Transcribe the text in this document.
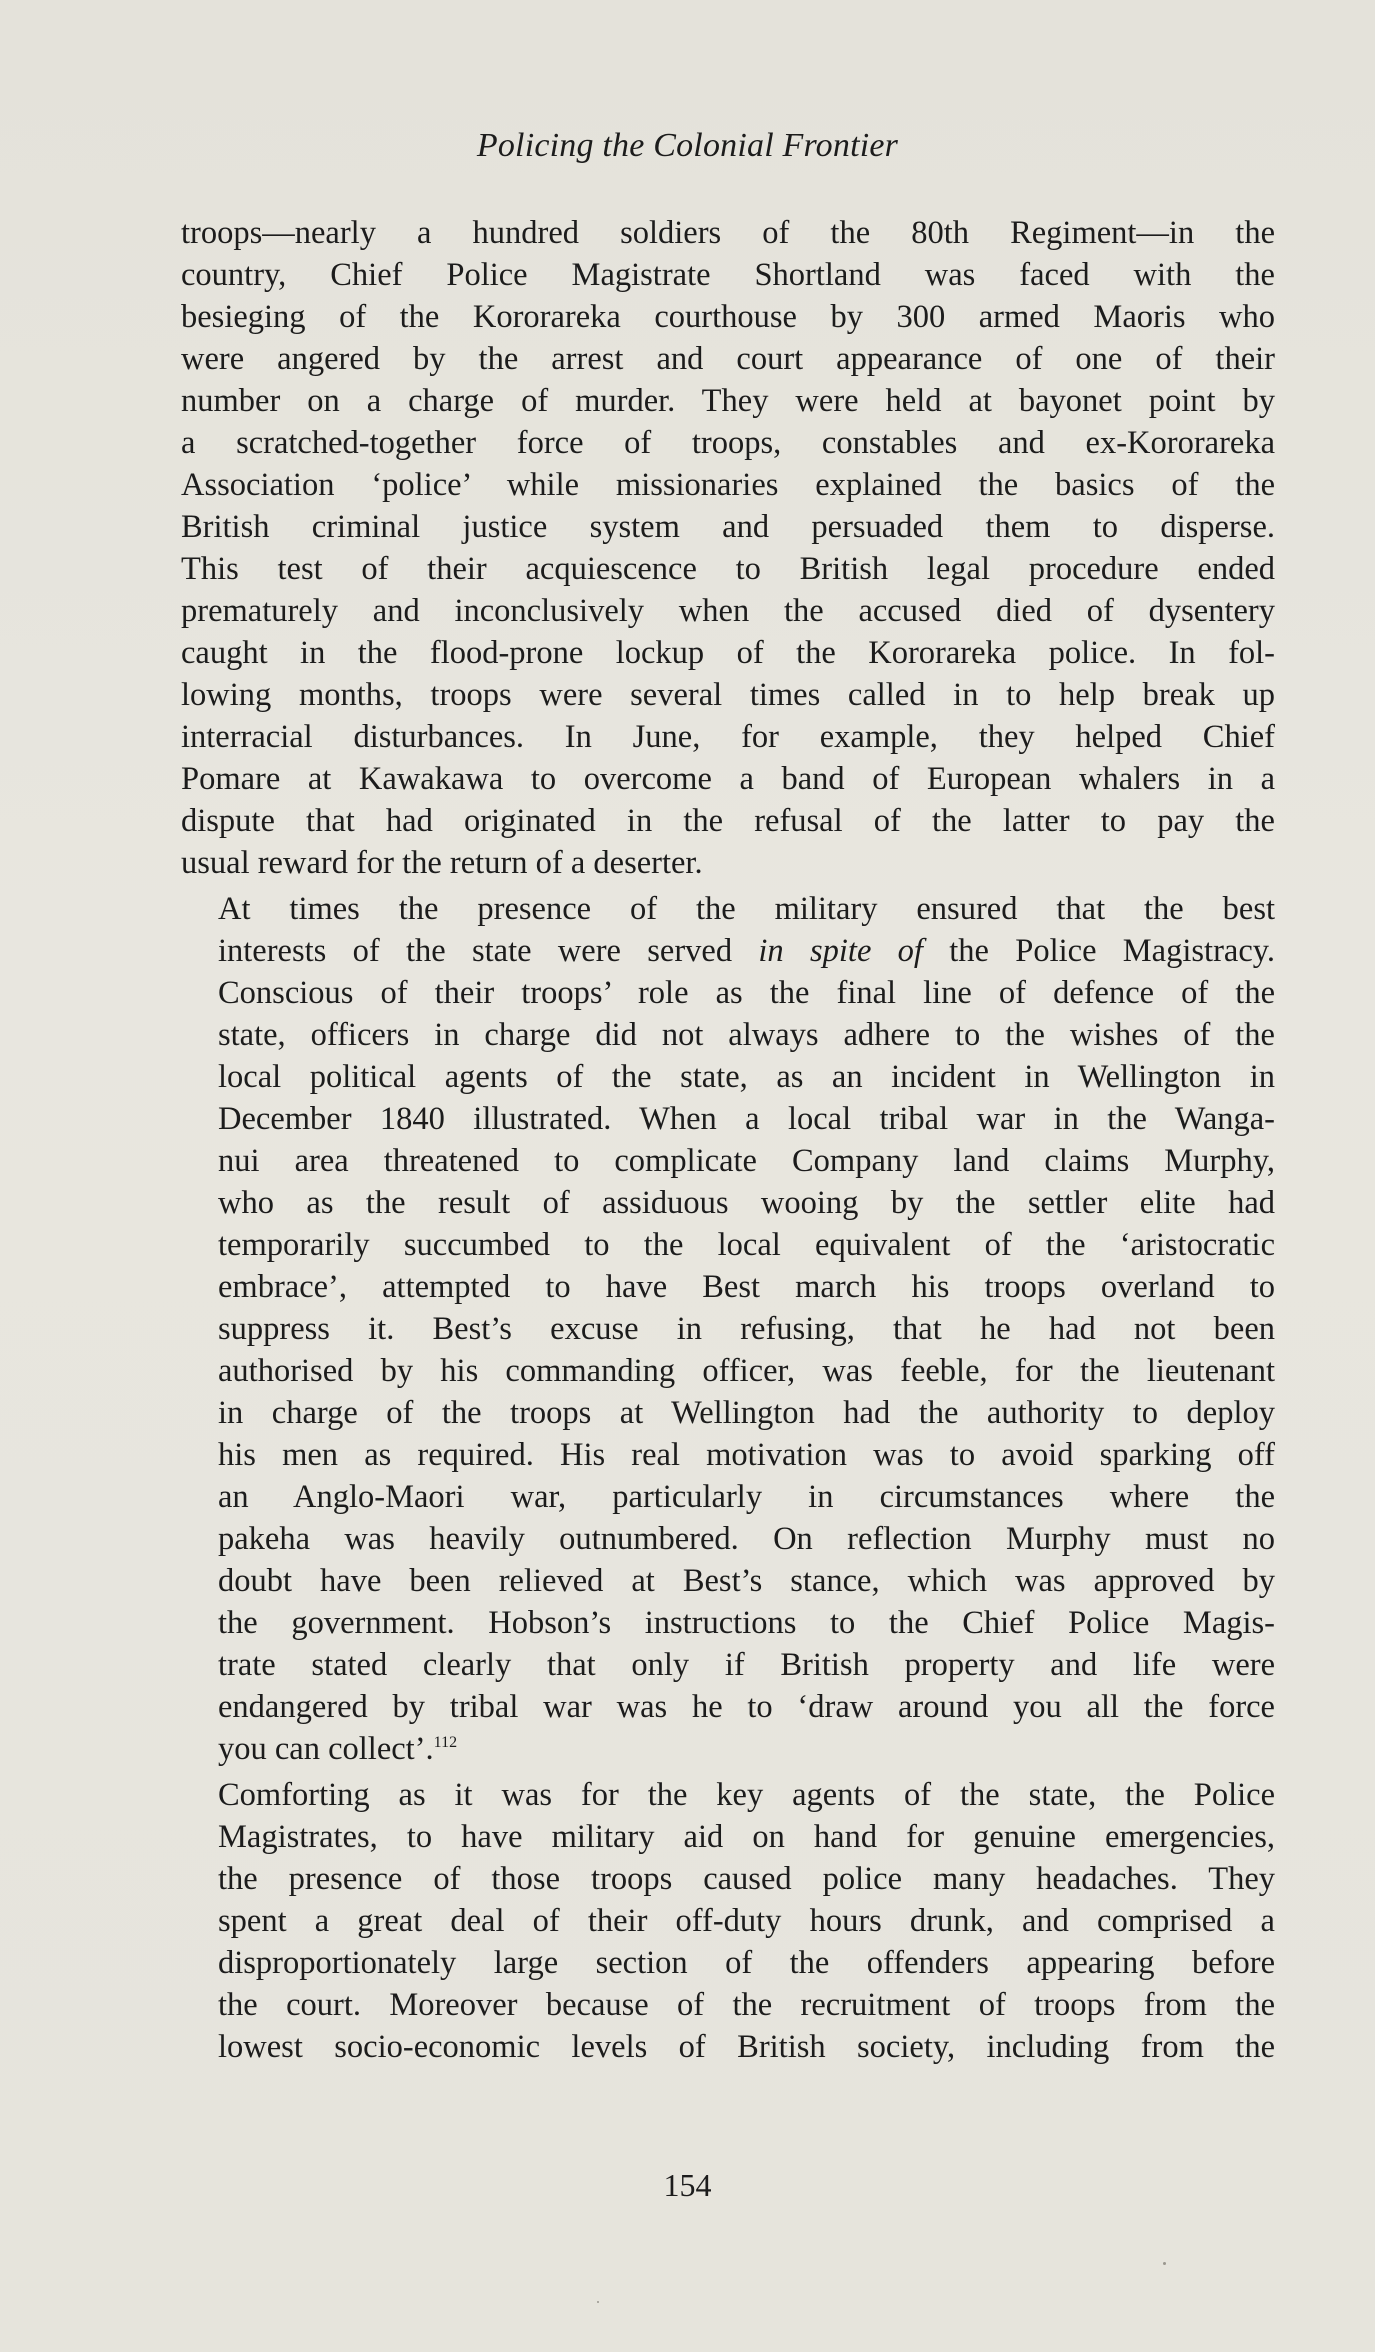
Policing the Colonial Frontier

troops—nearly a hundred soldiers of the 80th Regiment—in the
country, Chief Police Magistrate Shortland was faced with the
besieging of the Kororareka courthouse by 300 armed Maoris who
were angered by the arrest and court appearance of one of their
number on a charge of murder. They were held at bayonet point by
a scratched-together force of troops, constables and ex-Kororareka
Association ‘police’ while missionaries explained the basics of the
British criminal justice system and persuaded them to disperse.
This test of their acquiescence to British legal procedure ended
prematurely and inconclusively when the accused died of dysentery
caught in the flood-prone lockup of the Kororareka police. In fol-
lowing months, troops were several times called in to help break up
interracial disturbances. In June, for example, they helped Chief
Pomare at Kawakawa to overcome a band of European whalers in a
dispute that had originated in the refusal of the latter to pay the
usual reward for the return of a deserter.

At times the presence of the military ensured that the best
interests of the state were served in spite of the Police Magistracy.
Conscious of their troops’ role as the final line of defence of the
state, officers in charge did not always adhere to the wishes of the
local political agents of the state, as an incident in Wellington in
December 1840 illustrated. When a local tribal war in the Wanga-
nui area threatened to complicate Company land claims Murphy,
who as the result of assiduous wooing by the settler elite had
temporarily succumbed to the local equivalent of the ‘aristocratic
embrace’, attempted to have Best march his troops overland to
suppress it. Best’s excuse in refusing, that he had not been
authorised by his commanding officer, was feeble, for the lieutenant
in charge of the troops at Wellington had the authority to deploy
his men as required. His real motivation was to avoid sparking off
an Anglo-Maori war, particularly in circumstances where the
pakeha was heavily outnumbered. On reflection Murphy must no
doubt have been relieved at Best’s stance, which was approved by
the government. Hobson’s instructions to the Chief Police Magis-
trate stated clearly that only if British property and life were
endangered by tribal war was he to ‘draw around you all the force
you can collect’.$^{112}$

Comforting as it was for the key agents of the state, the Police
Magistrates, to have military aid on hand for genuine emergencies,
the presence of those troops caused police many headaches. They
spent a great deal of their off-duty hours drunk, and comprised a
disproportionately large section of the offenders appearing before
the court. Moreover because of the recruitment of troops from the
lowest socio-economic levels of British society, including from the

154
